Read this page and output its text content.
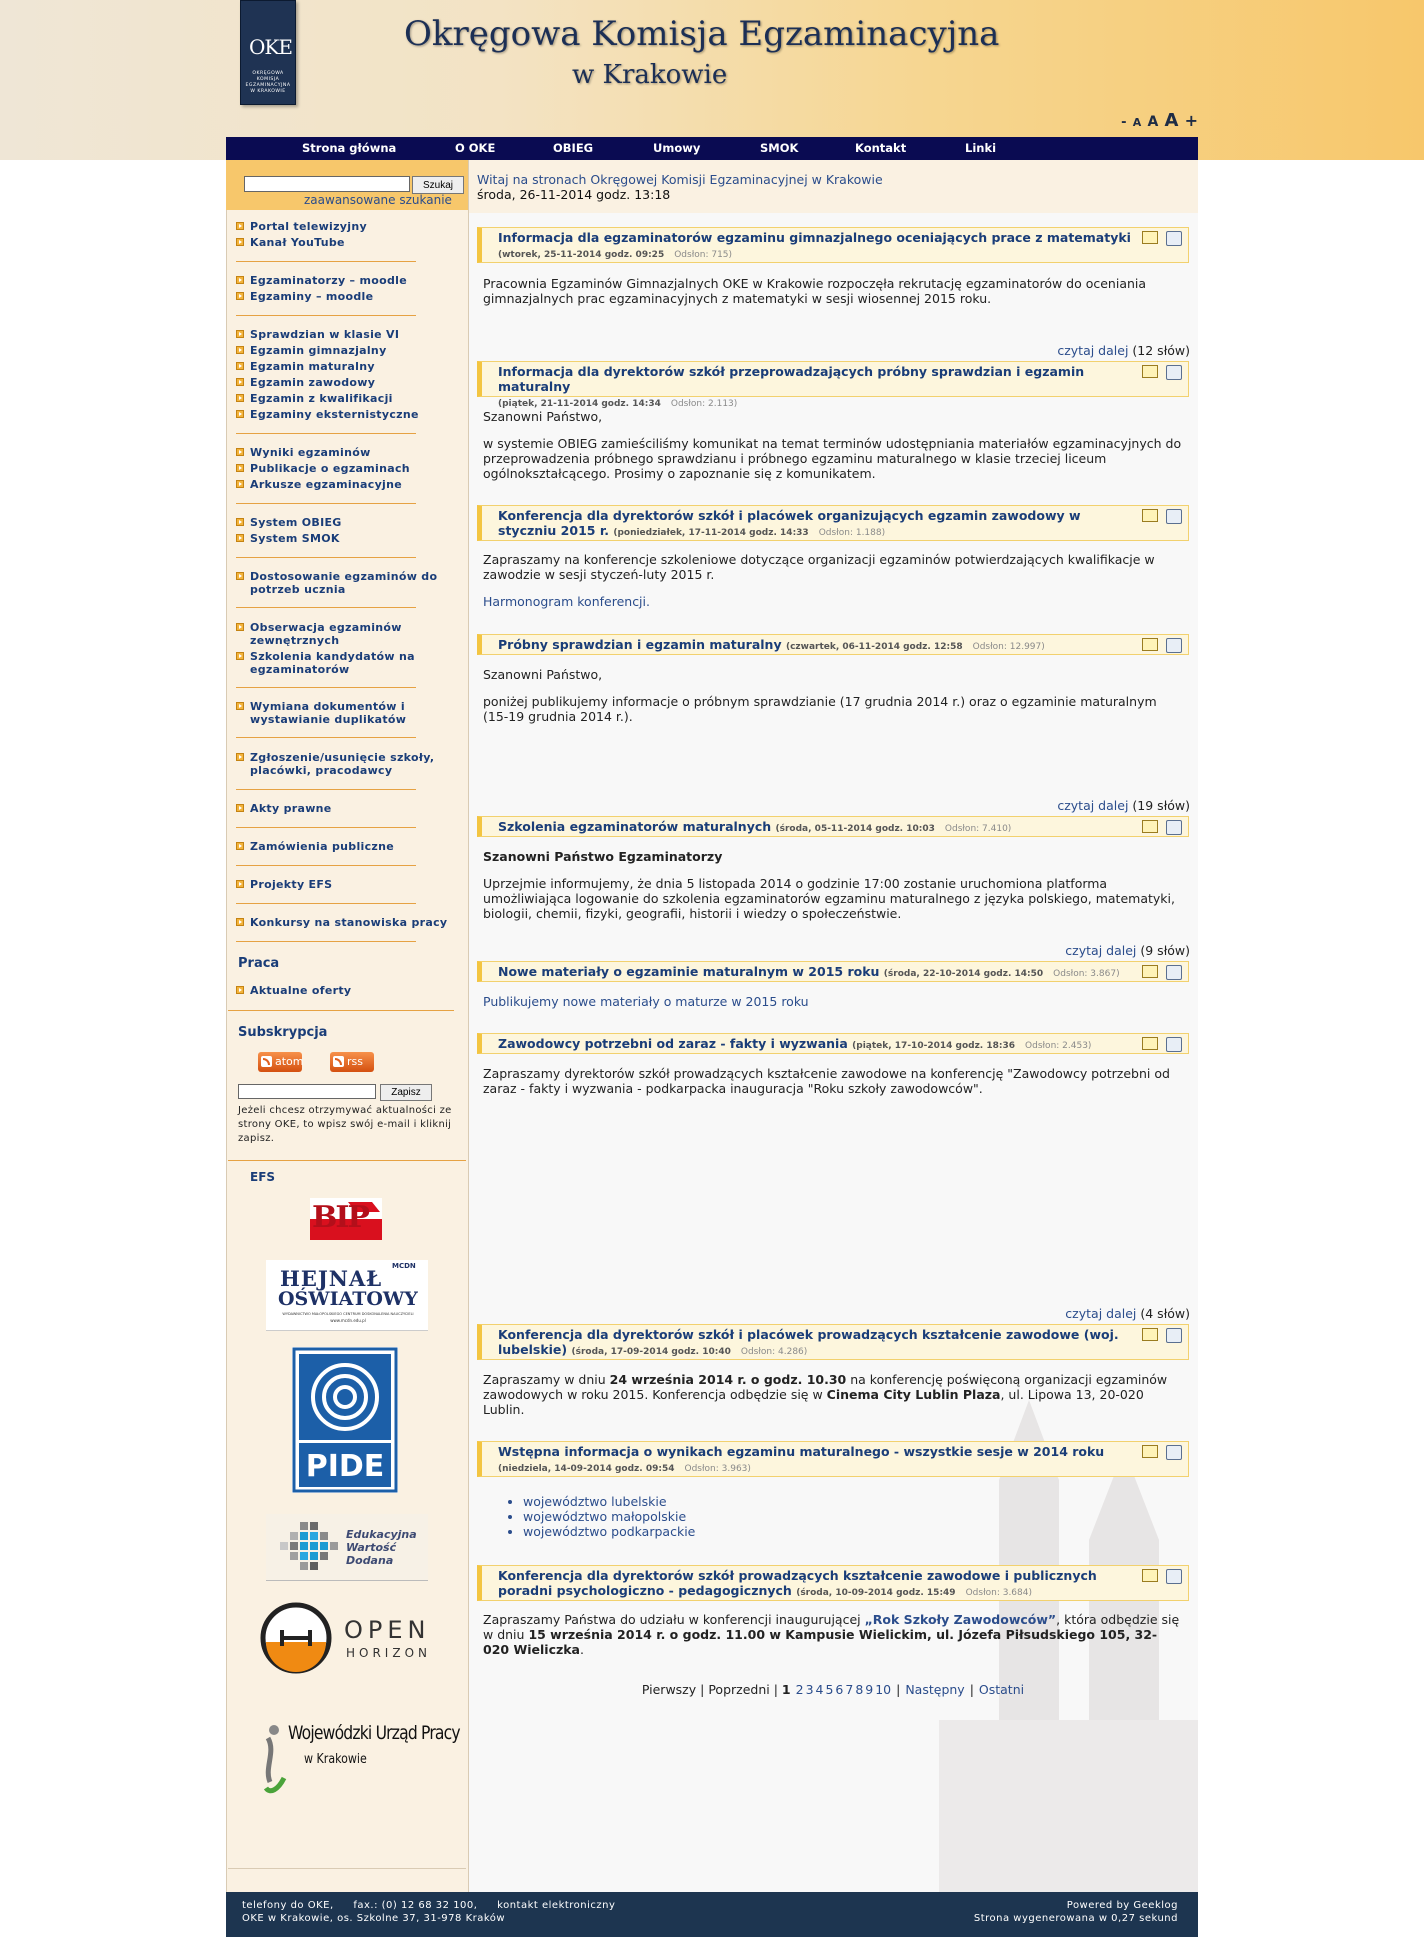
OKE
OKRĘGOWA KOMISJA EGZAMINACYJNA W KRAKOWIE
Okręgowa Komisja Egzaminacyjna
w Krakowie
- A A A +
Strona główna	O OKE	OBIEG	Umowy	SMOK	Kontakt	Linki
Szukaj
zaawansowane szukanie
Portal telewizyjny
Kanał YouTube
Egzaminatorzy – moodle
Egzaminy – moodle
Sprawdzian w klasie VI
Egzamin gimnazjalny
Egzamin maturalny
Egzamin zawodowy
Egzamin z kwalifikacji
Egzaminy eksternistyczne
Wyniki egzaminów
Publikacje o egzaminach
Arkusze egzaminacyjne
System OBIEG
System SMOK
Dostosowanie egzaminów do potrzeb ucznia
Obserwacja egzaminów zewnętrznych
Szkolenia kandydatów na egzaminatorów
Wymiana dokumentów i wystawianie duplikatów
Zgłoszenie/usunięcie szkoły, placówki, pracodawcy
Akty prawne
Zamówienia publiczne
Projekty EFS
Konkursy na stanowiska pracy
Praca
Aktualne oferty
Subskrypcja
atom	rss
Zapisz
Jeżeli chcesz otrzymywać aktualności ze strony OKE, to wpisz swój e-mail i kliknij zapisz.
EFS
BIP
HEJNAŁ
OŚWIATOWY
MCDN
WYDAWNICTWO MAŁOPOLSKIEGO CENTRUM DOSKONALENIA NAUCZYCIELI
www.mcdn.edu.pl
PIDE
Edukacyjna
Wartość
Dodana
OPEN
HORIZON
Wojewódzki Urząd Pracy
w Krakowie
Witaj na stronach Okręgowej Komisji Egzaminacyjnej w Krakowie
środa, 26-11-2014 godz. 13:18
Informacja dla egzaminatorów egzaminu gimnazjalnego oceniających prace z matematyki
(wtorek, 25-11-2014 godz. 09:25 Odsłon: 715)

Pracownia Egzaminów Gimnazjalnych OKE w Krakowie rozpoczęła rekrutację egzaminatorów do oceniania gimnazjalnych prac egzaminacyjnych z matematyki w sesji wiosennej 2015 roku.

czytaj dalej (12 słów)
Informacja dla dyrektorów szkół przeprowadzających próbny sprawdzian i egzamin maturalny
(piątek, 21-11-2014 godz. 14:34 Odsłon: 2.113)

Szanowni Państwo,

w systemie OBIEG zamieściliśmy komunikat na temat terminów udostępniania materiałów egzaminacyjnych do przeprowadzenia próbnego sprawdzianu i próbnego egzaminu maturalnego w klasie trzeciej liceum ogólnokształcącego. Prosimy o zapoznanie się z komunikatem.

Konferencja dla dyrektorów szkół i placówek organizujących egzamin zawodowy w styczniu 2015 r. (poniedziałek, 17-11-2014 godz. 14:33 Odsłon: 1.188)

Zapraszamy na konferencje szkoleniowe dotyczące organizacji egzaminów potwierdzających kwalifikacje w zawodzie w sesji styczeń-luty 2015 r.

Harmonogram konferencji.

Próbny sprawdzian i egzamin maturalny (czwartek, 06-11-2014 godz. 12:58 Odsłon: 12.997)

Szanowni Państwo,

poniżej publikujemy informacje o próbnym sprawdzianie (17 grudnia 2014 r.) oraz o egzaminie maturalnym (15-19 grudnia 2014 r.).

czytaj dalej (19 słów)
Szkolenia egzaminatorów maturalnych (środa, 05-11-2014 godz. 10:03 Odsłon: 7.410)

Szanowni Państwo Egzaminatorzy

Uprzejmie informujemy, że dnia 5 listopada 2014 o godzinie 17:00 zostanie uruchomiona platforma umożliwiająca logowanie do szkolenia egzaminatorów egzaminu maturalnego z języka polskiego, matematyki, biologii, chemii, fizyki, geografii, historii i wiedzy o społeczeństwie.

czytaj dalej (9 słów)
Nowe materiały o egzaminie maturalnym w 2015 roku (środa, 22-10-2014 godz. 14:50 Odsłon: 3.867)

Publikujemy nowe materiały o maturze w 2015 roku

Zawodowcy potrzebni od zaraz - fakty i wyzwania (piątek, 17-10-2014 godz. 18:36 Odsłon: 2.453)

Zapraszamy dyrektorów szkół prowadzących kształcenie zawodowe na konferencję "Zawodowcy potrzebni od zaraz - fakty i wyzwania - podkarpacka inauguracja "Roku szkoły zawodowców".

czytaj dalej (4 słów)
Konferencja dla dyrektorów szkół i placówek prowadzących kształcenie zawodowe (woj. lubelskie) (środa, 17-09-2014 godz. 10:40 Odsłon: 4.286)

Zapraszamy w dniu 24 września 2014 r. o godz. 10.30 na konferencję poświęconą organizacji egzaminów zawodowych w roku 2015. Konferencja odbędzie się w Cinema City Lublin Plaza, ul. Lipowa 13, 20-020 Lublin.

Wstępna informacja o wynikach egzaminu maturalnego - wszystkie sesje w 2014 roku
(niedziela, 14-09-2014 godz. 09:54 Odsłon: 3.963)
• województwo lubelskie
• województwo małopolskie
• województwo podkarpackie
Konferencja dla dyrektorów szkół prowadzących kształcenie zawodowe i publicznych poradni psychologiczno - pedagogicznych (środa, 10-09-2014 godz. 15:49 Odsłon: 3.684)

Zapraszamy Państwa do udziału w konferencji inaugurującej „Rok Szkoły Zawodowców”, która odbędzie się w dniu 15 września 2014 r. o godz. 11.00 w Kampusie Wielickim, ul. Józefa Piłsudskiego 105, 32-020 Wieliczka.

Pierwszy | Poprzedni | 1 2 3 4 5 6 7 8 9 10 | Następny | Ostatni
telefony do OKE, fax.: (0) 12 68 32 100, kontakt elektroniczny
OKE w Krakowie, os. Szkolne 37, 31-978 Kraków
Powered by Geeklog
Strona wygenerowana w 0,27 sekund
